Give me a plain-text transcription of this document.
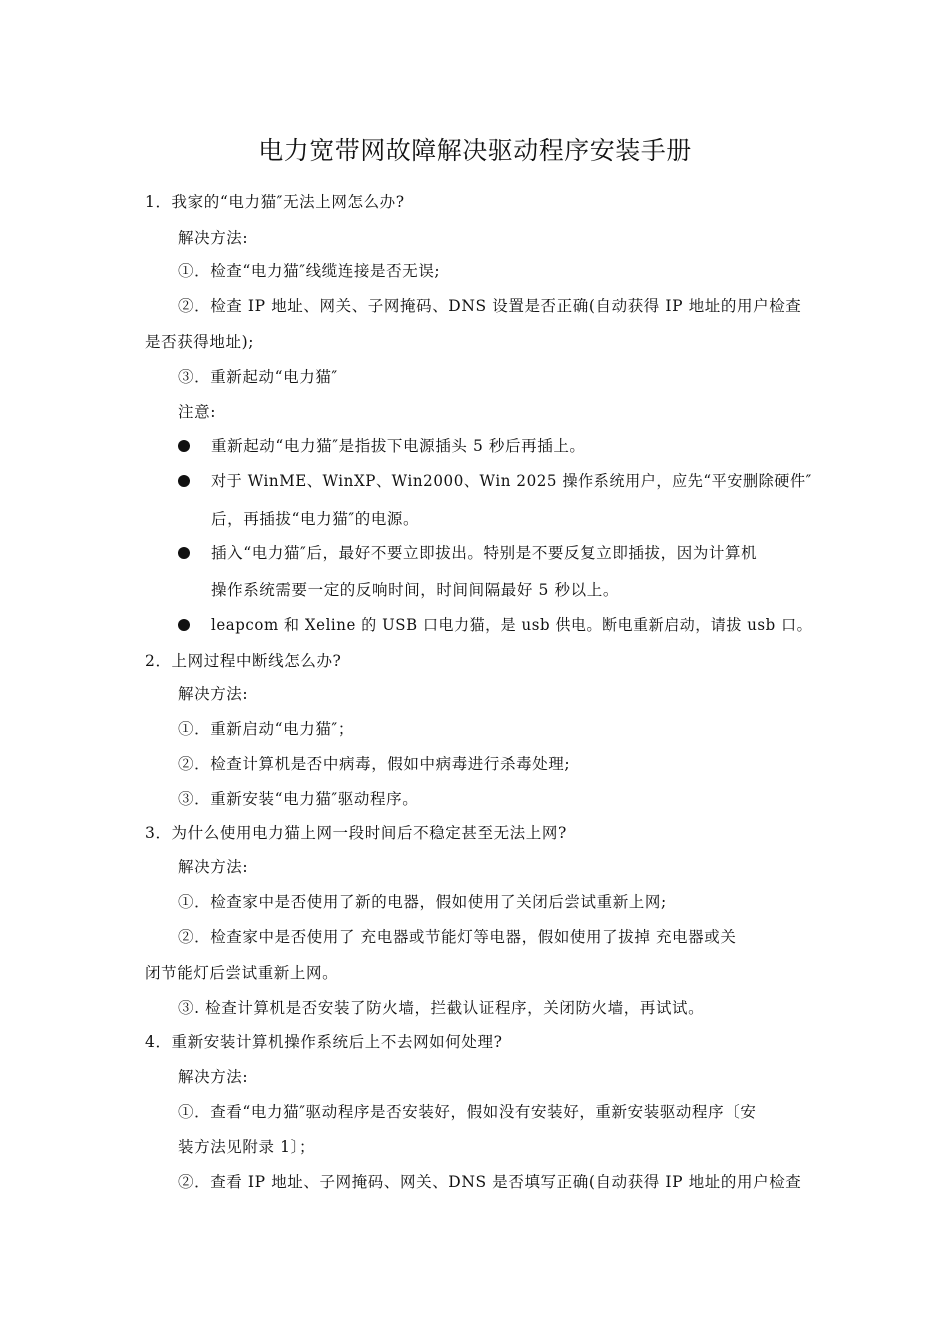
电力宽带网故障解决驱动程序安装手册
1．我家的“电力猫″无法上网怎么办?
解决方法:
①．检查“电力猫″线缆连接是否无误;
②．检查 IP 地址、网关、子网掩码、DNS 设置是否正确(自动获得 IP 地址的用户检查
是否获得地址);
③．重新起动“电力猫″
注意:
重新起动“电力猫″是指拔下电源插头 5 秒后再插上。
对于 WinME、WinXP、Win2000、Win 2025 操作系统用户，应先“平安删除硬件″
后，再插拔“电力猫″的电源。
插入“电力猫″后，最好不要立即拔出。特别是不要反复立即插拔，因为计算机
操作系统需要一定的反响时间，时间间隔最好 5 秒以上。
leapcom 和 Xeline 的 USB 口电力猫，是 usb 供电。断电重新启动，请拔 usb 口。
2．上网过程中断线怎么办?
解决方法:
①．重新启动“电力猫″；
②．检查计算机是否中病毒，假如中病毒进行杀毒处理;
③．重新安装“电力猫″驱动程序。
3．为什么使用电力猫上网一段时间后不稳定甚至无法上网?
解决方法:
①．检查家中是否使用了新的电器，假如使用了关闭后尝试重新上网;
②．检查家中是否使用了 充电器或节能灯等电器，假如使用了拔掉 充电器或关
闭节能灯后尝试重新上网。
③. 检查计算机是否安装了防火墙，拦截认证程序，关闭防火墙，再试试。
4．重新安装计算机操作系统后上不去网如何处理?
解决方法:
①．查看“电力猫″驱动程序是否安装好，假如没有安装好，重新安装驱动程序〔安
装方法见附录 1〕；
②．查看 IP 地址、子网掩码、网关、DNS 是否填写正确(自动获得 IP 地址的用户检查
